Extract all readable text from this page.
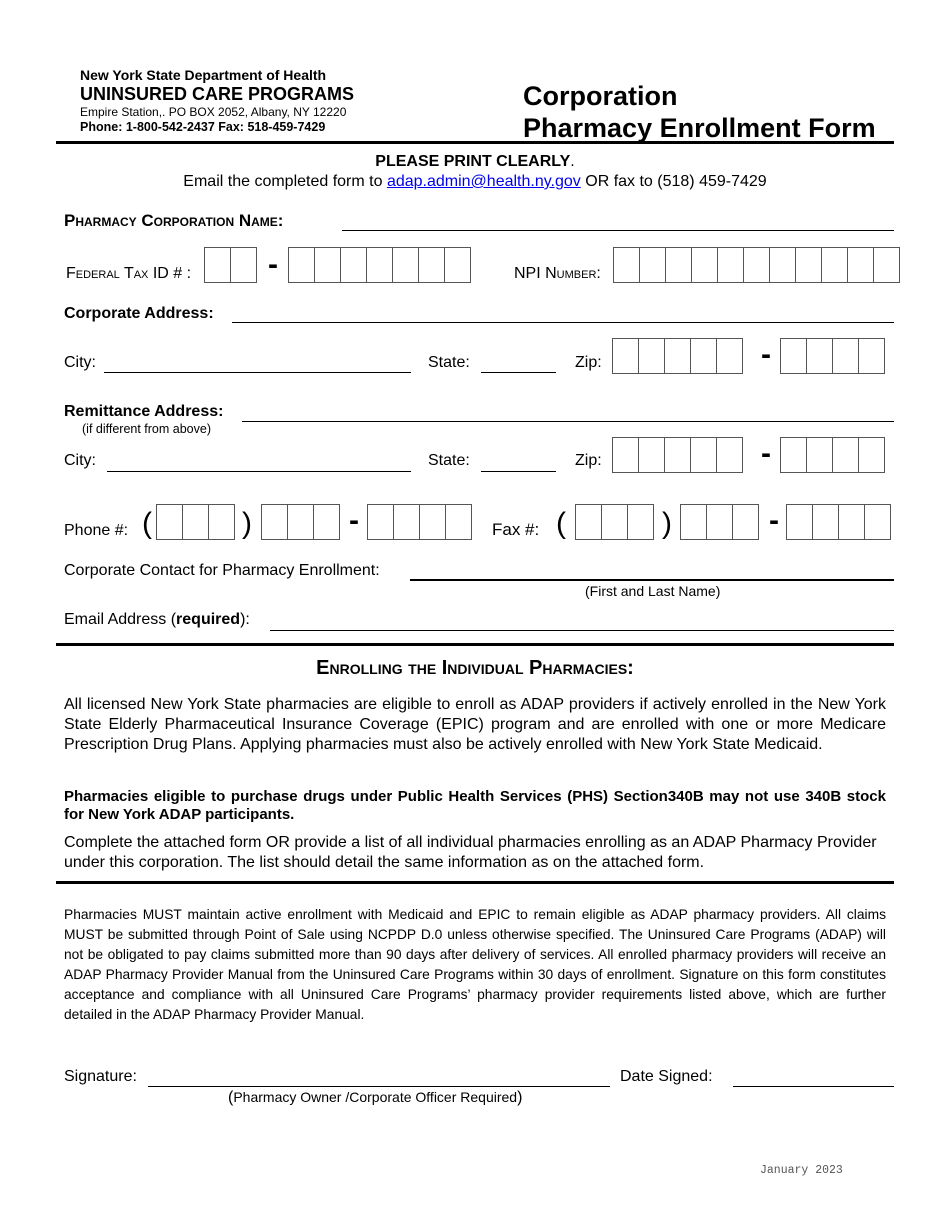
New York State Department of Health
UNINSURED CARE PROGRAMS
Empire Station,. PO BOX 2052, Albany, NY 12220
Phone: 1-800-542-2437 Fax: 518-459-7429
Corporation
Pharmacy Enrollment Form
PLEASE PRINT CLEARLY.
Email the completed form to adap.admin@health.ny.gov OR fax to (518) 459-7429
Pharmacy Corporation Name:
Federal Tax ID # :	-	NPI Number:
Corporate Address:
City:	State:	Zip:	-
Remittance Address:
(if different from above)
City:	State:	Zip:	-
Phone #: (	)	-	Fax #: (	)	-
Corporate Contact for Pharmacy Enrollment:
(First and Last Name)
Email Address (required):
Enrolling the Individual Pharmacies:
All licensed New York State pharmacies are eligible to enroll as ADAP providers if actively enrolled in the New York State Elderly Pharmaceutical Insurance Coverage (EPIC) program and are enrolled with one or more Medicare Prescription Drug Plans. Applying pharmacies must also be actively enrolled with New York State Medicaid.
Pharmacies eligible to purchase drugs under Public Health Services (PHS) Section340B may not use 340B stock for New York ADAP participants.
Complete the attached form OR provide a list of all individual pharmacies enrolling as an ADAP Pharmacy Provider under this corporation. The list should detail the same information as on the attached form.
Pharmacies MUST maintain active enrollment with Medicaid and EPIC to remain eligible as ADAP pharmacy providers. All claims MUST be submitted through Point of Sale using NCPDP D.0 unless otherwise specified. The Uninsured Care Programs (ADAP) will not be obligated to pay claims submitted more than 90 days after delivery of services. All enrolled pharmacy providers will receive an ADAP Pharmacy Provider Manual from the Uninsured Care Programs within 30 days of enrollment. Signature on this form constitutes acceptance and compliance with all Uninsured Care Programs’ pharmacy provider requirements listed above, which are further detailed in the ADAP Pharmacy Provider Manual.
Signature:	Date Signed:
(Pharmacy Owner /Corporate Officer Required)
January 2023
